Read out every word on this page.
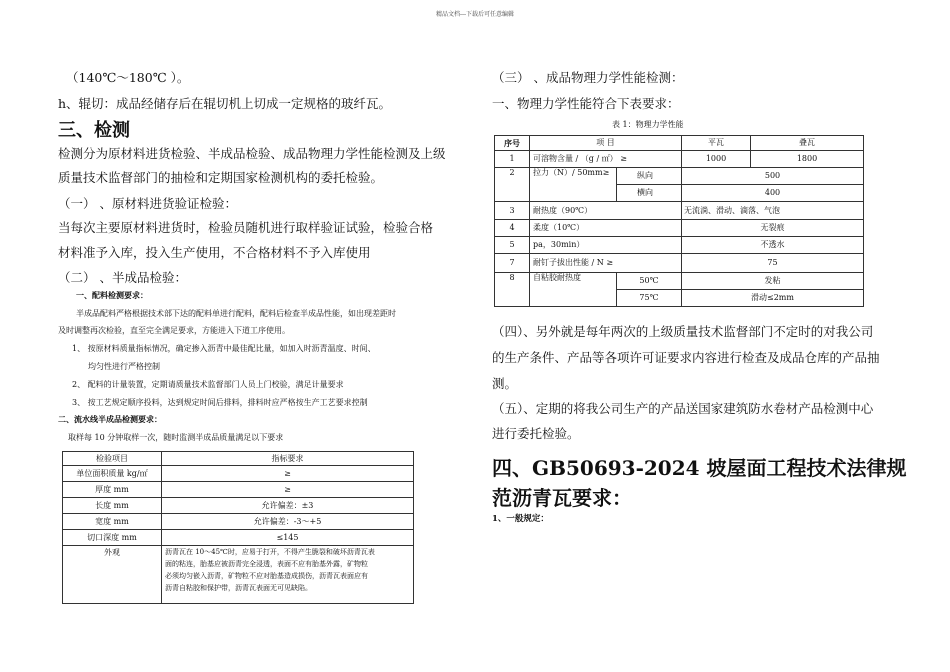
精品文档---下载后可任意编辑
（140℃～180℃ ）。
h、辊切：成品经储存后在辊切机上切成一定规格的玻纤瓦。
三、检测
检测分为原材料进货检验、半成品检验、成品物理力学性能检测及上级
质量技术监督部门的抽检和定期国家检测机构的委托检验。
（一） 、原材料进货验证检验：
当每次主要原材料进货时，检验员随机进行取样验证试验，检验合格
材料准予入库，投入生产使用，不合格材料不予入库使用
（二） 、半成品检验：
一、配料检测要求：
半成品配料严格根据技术部下达的配料单进行配料，配料后检查半成品性能，如出现差距时
及时调整再次检验，直至完全满足要求，方能进入下道工序使用。
1、 按原材料质量指标情况，确定掺入沥青中最佳配比量，如加入时沥青温度、时间、
均匀性进行严格控制
2、 配料的计量装置，定期请质量技术监督部门人员上门校验，满足计量要求
3、 按工艺规定顺序投料，达到规定时间后排料，排料时应严格按生产工艺要求控制
二、流水线半成品检测要求：
取样每 10 分钟取样一次，随时监测半成品质量满足以下要求
检验项目	指标要求
单位面积质量 kg/㎡	≥
厚度 mm	≥
长度 mm	允许偏差：±3
宽度 mm	允许偏差：-3～+5
切口深度 mm	≤145
外观	沥青瓦在 10～45℃时，应易于打开，不得产生脆裂和破坏沥青瓦表
面的粘连，胎基应被沥青完全浸透，表面不应有胎基外露，矿物粒
必须均匀嵌入沥青，矿物粒不应对胎基造成损伤，沥青瓦表面应有
沥青自粘胶和保护带，沥青瓦表面无可见缺陷。
（三） 、成品物理力学性能检测：
一、物理力学性能符合下表要求：
表 1：物理力学性能
序号	项 目		平瓦	叠瓦
1	可溶物含量 / （g / ㎡） ≥		1000	1800
2	拉力（N）/ 50mm≥	纵向	500	
		横向	400	
3	耐热度（90℃）		无流淌、滑动、滴落、气泡	
4	柔度（10℃）		无裂痕	
5	pa，30min）		不透水	
7	耐钉子拔出性能 / N ≥		75	
8	自粘胶耐热度	50℃	发粘	
		75℃	滑动≤2mm	
（四）、另外就是每年两次的上级质量技术监督部门不定时的对我公司
的生产条件、产品等各项许可证要求内容进行检查及成品仓库的产品抽
测。
（五）、定期的将我公司生产的产品送国家建筑防水卷材产品检测中心
进行委托检验。
四、GB50693-2024 坡屋面工程技术法律规
范沥青瓦要求：
1、一般规定：
